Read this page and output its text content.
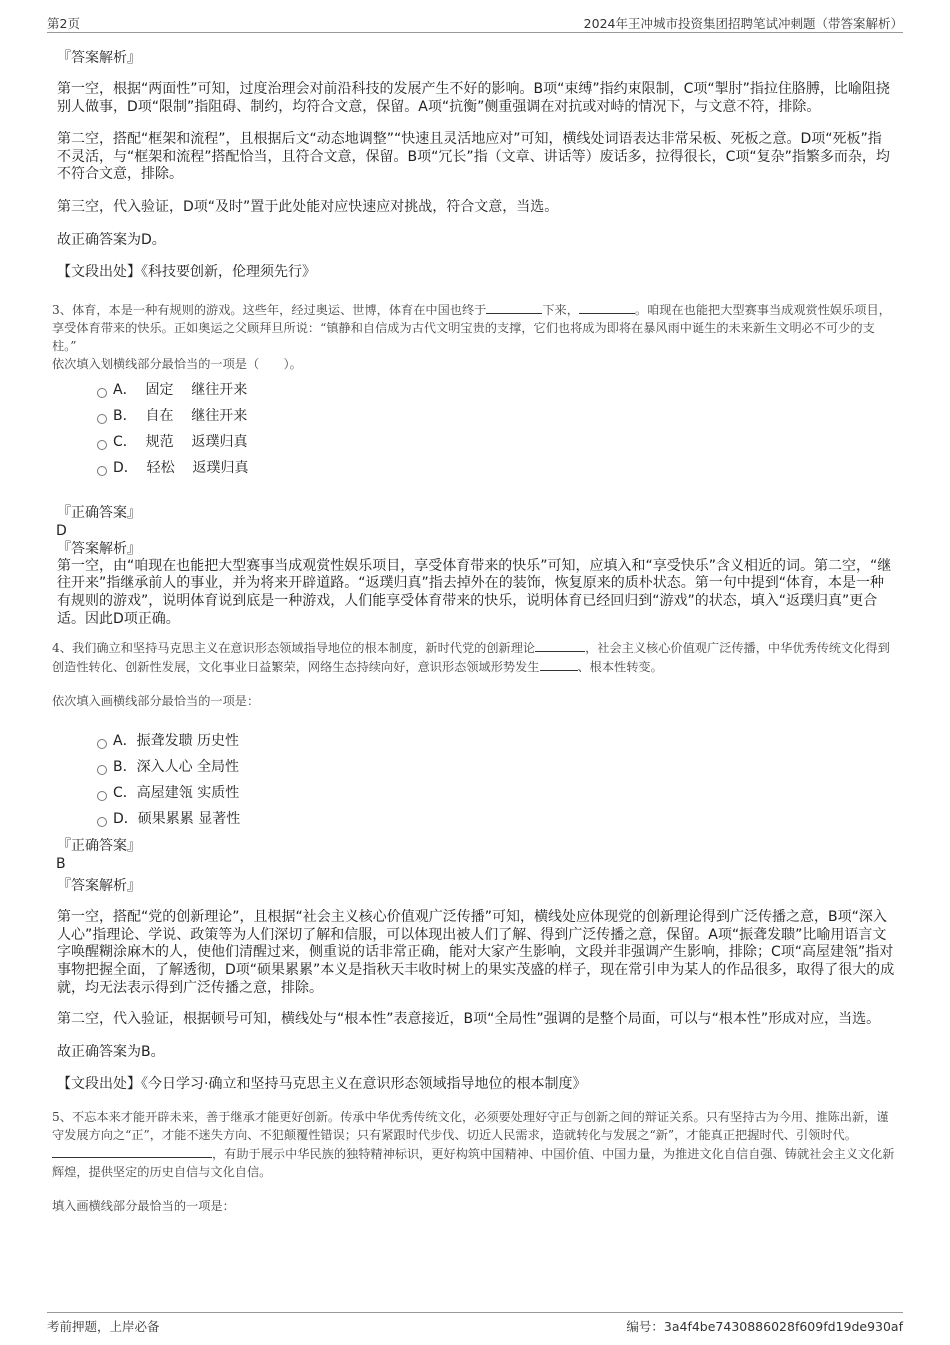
第2页	2024年王冲城市投资集团招聘笔试冲刺题（带答案解析）

『答案解析』

第一空，根据“两面性”可知，过度治理会对前沿科技的发展产生不好的影响。B项“束缚”指约束限制，C项“掣肘”指拉住胳膊，比喻阻挠别人做事，D项“限制”指阻碍、制约，均符合文意，保留。A项“抗衡”侧重强调在对抗或对峙的情况下，与文意不符，排除。

第二空，搭配“框架和流程”，且根据后文“动态地调整”“快速且灵活地应对”可知，横线处词语表达非常呆板、死板之意。D项“死板”指不灵活，与“框架和流程”搭配恰当，且符合文意，保留。B项“冗长”指（文章、讲话等）废话多，拉得很长，C项“复杂”指繁多而杂，均不符合文意，排除。

第三空，代入验证，D项“及时”置于此处能对应快速应对挑战，符合文意，当选。

故正确答案为D。

【文段出处】《科技要创新，伦理须先行》

3、体育，本是一种有规则的游戏。这些年，经过奥运、世博，体育在中国也终于	下来，	。咱现在也能把大型赛事当成观赏性娱乐项目，享受体育带来的快乐。正如奥运之父顾拜旦所说：“镇静和自信成为古代文明宝贵的支撑，它们也将成为即将在暴风雨中诞生的未来新生文明必不可少的支柱。”

依次填入划横线部分最恰当的一项是（　　）。

A．  固定    继往开来
B．  自在    继往开来
C．  规范    返璞归真
D．  轻松    返璞归真

『正确答案』

D

『答案解析』

第一空，由“咱现在也能把大型赛事当成观赏性娱乐项目，享受体育带来的快乐”可知，应填入和“享受快乐”含义相近的词。第二空，“继往开来”指继承前人的事业，并为将来开辟道路。“返璞归真”指去掉外在的装饰，恢复原来的质朴状态。第一句中提到“体育，本是一种有规则的游戏”，说明体育说到底是一种游戏，人们能享受体育带来的快乐，说明体育已经回归到“游戏”的状态，填入“返璞归真”更合适。因此D项正确。

4、我们确立和坚持马克思主义在意识形态领域指导地位的根本制度，新时代党的创新理论	，社会主义核心价值观广泛传播，中华优秀传统文化得到创造性转化、创新性发展，文化事业日益繁荣，网络生态持续向好，意识形态领域形势发生	、根本性转变。

依次填入画横线部分最恰当的一项是：

A．振聋发聩 历史性
B．深入人心 全局性
C．高屋建瓴 实质性
D．硕果累累 显著性

『正确答案』

B

『答案解析』

第一空，搭配“党的创新理论”，且根据“社会主义核心价值观广泛传播”可知，横线处应体现党的创新理论得到广泛传播之意，B项“深入人心”指理论、学说、政策等为人们深切了解和信服，可以体现出被人们了解、得到广泛传播之意，保留。A项“振聋发聩”比喻用语言文字唤醒糊涂麻木的人，使他们清醒过来，侧重说的话非常正确，能对大家产生影响，文段并非强调产生影响，排除；C项“高屋建瓴”指对事物把握全面，了解透彻，D项“硕果累累”本义是指秋天丰收时树上的果实茂盛的样子，现在常引申为某人的作品很多，取得了很大的成就，均无法表示得到广泛传播之意，排除。

第二空，代入验证，根据顿号可知，横线处与“根本性”表意接近，B项“全局性”强调的是整个局面，可以与“根本性”形成对应，当选。

故正确答案为B。

【文段出处】《今日学习·确立和坚持马克思主义在意识形态领域指导地位的根本制度》

5、不忘本来才能开辟未来，善于继承才能更好创新。传承中华优秀传统文化，必须要处理好守正与创新之间的辩证关系。只有坚持古为今用、推陈出新，谨守发展方向之“正”，才能不迷失方向、不犯颠覆性错误；只有紧跟时代步伐、切近人民需求，造就转化与发展之“新”，才能真正把握时代、引领时代。，有助于展示中华民族的独特精神标识，更好构筑中国精神、中国价值、中国力量，为推进文化自信自强、铸就社会主义文化新辉煌，提供坚定的历史自信与文化自信。

填入画横线部分最恰当的一项是：

考前押题，上岸必备	编号：3a4f4be7430886028f609fd19de930af
